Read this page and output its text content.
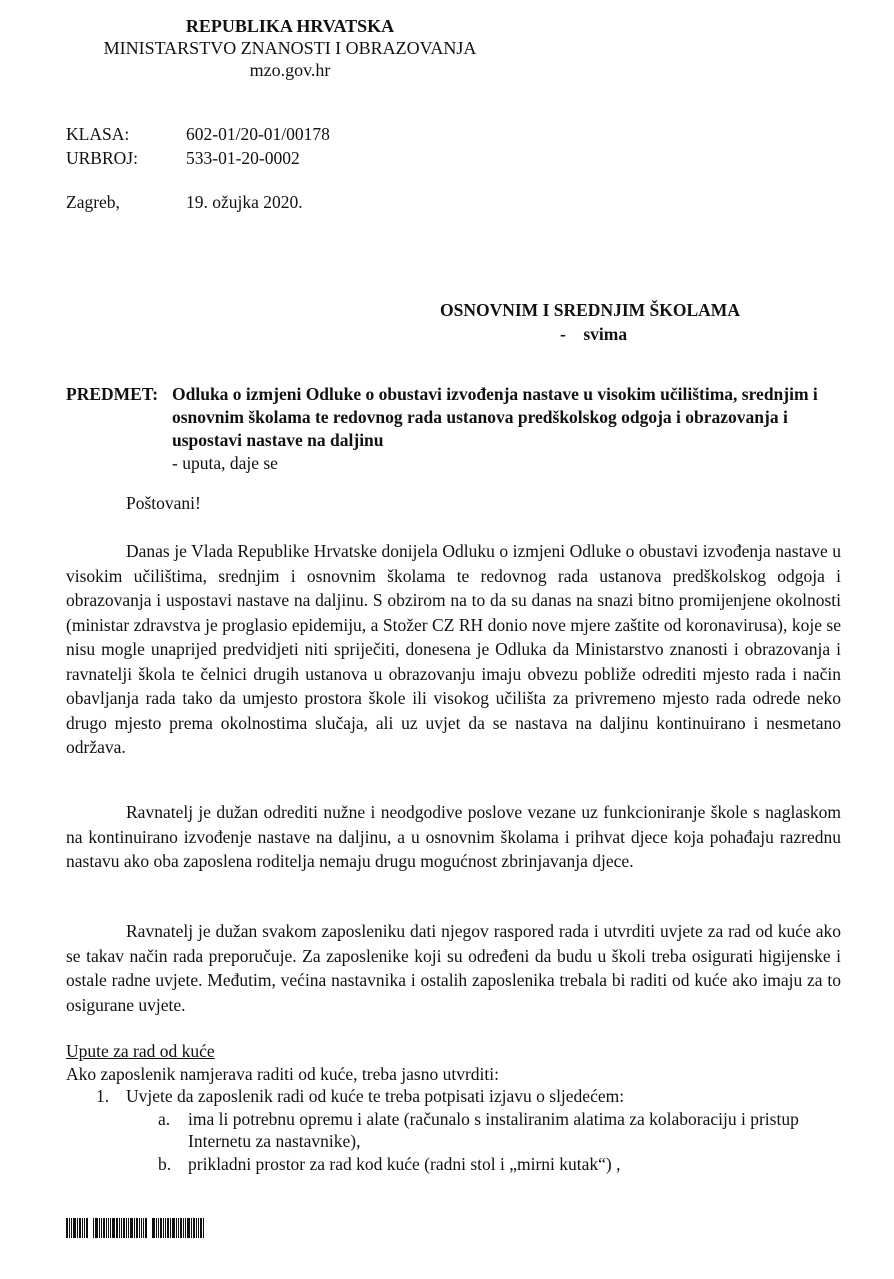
REPUBLIKA HRVATSKA
MINISTARSTVO ZNANOSTI I OBRAZOVANJA
mzo.gov.hr
KLASA:	602-01/20-01/00178
URBROJ:	533-01-20-0002
Zagreb,	19. ožujka 2020.
OSNOVNIM I SREDNJIM ŠKOLAMA
-    svima
PREDMET: Odluka o izmjeni Odluke o obustavi izvođenja nastave u visokim učilištima, srednjim i osnovnim školama te redovnog rada ustanova predškolskog odgoja i obrazovanja i uspostavi nastave na daljinu
- uputa, daje se
Poštovani!

Danas je Vlada Republike Hrvatske donijela Odluku o izmjeni Odluke o obustavi izvođenja nastave u visokim učilištima, srednjim i osnovnim školama te redovnog rada ustanova predškolskog odgoja i obrazovanja i uspostavi nastave na daljinu. S obzirom na to da su danas na snazi bitno promijenjene okolnosti (ministar zdravstva je proglasio epidemiju, a Stožer CZ RH donio nove mjere zaštite od koronavirusa), koje se nisu mogle unaprijed predvidjeti niti spriječiti, donesena je Odluka da Ministarstvo znanosti i obrazovanja i ravnatelji škola te čelnici drugih ustanova u obrazovanju imaju obvezu pobliže odrediti mjesto rada i način obavljanja rada tako da umjesto prostora škole ili visokog učilišta za privremeno mjesto rada odrede neko drugo mjesto prema okolnostima slučaja, ali uz uvjet da se nastava na daljinu kontinuirano i nesmetano održava.

Ravnatelj je dužan odrediti nužne i neodgodive poslove vezane uz funkcioniranje škole s naglaskom na kontinuirano izvođenje nastave na daljinu, a u osnovnim školama i prihvat djece koja pohađaju razrednu nastavu ako oba zaposlena roditelja nemaju drugu mogućnost zbrinjavanja djece.

Ravnatelj je dužan svakom zaposleniku dati njegov raspored rada i utvrditi uvjete za rad od kuće ako se takav način rada preporučuje. Za zaposlenike koji su određeni da budu u školi treba osigurati higijenske i ostale radne uvjete. Međutim, većina nastavnika i ostalih zaposlenika trebala bi raditi od kuće ako imaju za to osigurane uvjete.

Upute za rad od kuće
Ako zaposlenik namjerava raditi od kuće, treba jasno utvrditi:
1. Uvjete da zaposlenik radi od kuće te treba potpisati izjavu o sljedećem:
a.	ima li potrebnu opremu i alate (računalo s instaliranim alatima za kolaboraciju i pristup Internetu za nastavnike),
b. prikladni prostor za rad kod kuće (radni stol i „mirni kutak“) ,
